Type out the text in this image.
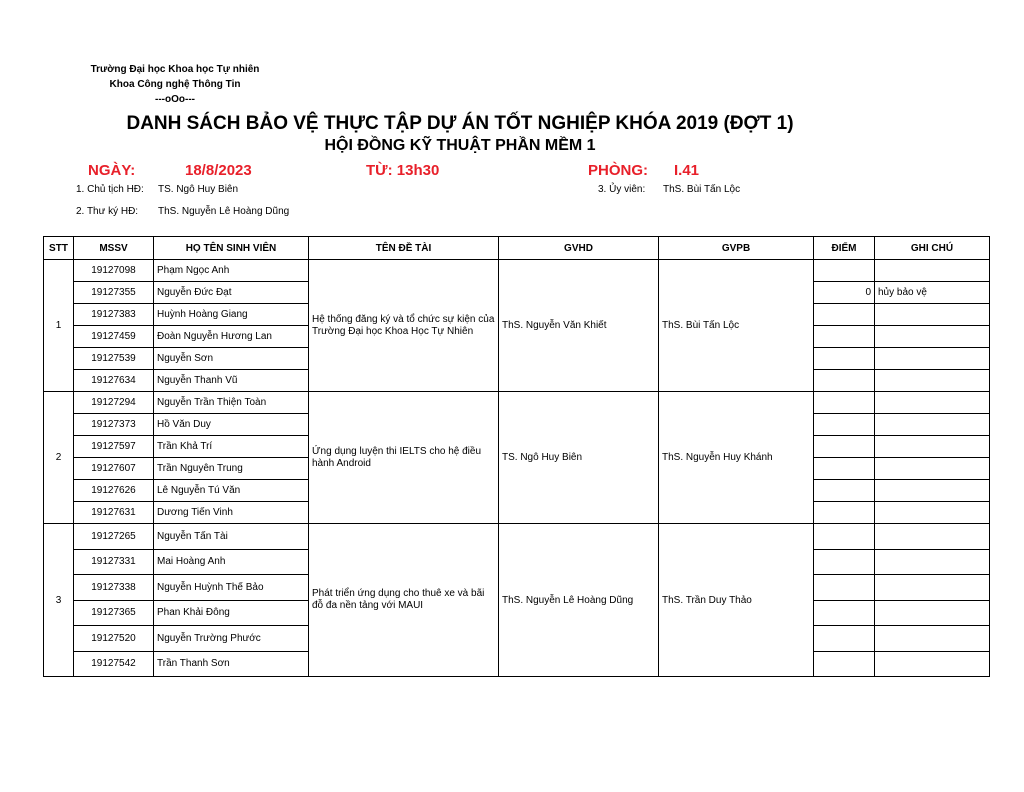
Trường Đại học Khoa học Tự nhiên
Khoa Công nghệ Thông Tin
---oOo---
DANH SÁCH BẢO VỆ THỰC TẬP DỰ ÁN TỐT NGHIỆP KHÓA 2019 (ĐỢT 1)
HỘI ĐỒNG KỸ THUẬT PHẦN MỀM 1
NGÀY:	18/8/2023	TỪ: 13h30	PHÒNG: I.41
1. Chủ tịch HĐ: TS. Ngô Huy Biên	3. Ủy viên: ThS. Bùi Tấn Lộc
2. Thư ký HĐ: ThS. Nguyễn Lê Hoàng Dũng
STT	MSSV	HỌ TÊN SINH VIÊN	TÊN ĐỀ TÀI	GVHD	GVPB	ĐIỂM	GHI CHÚ
1	19127098	Phạm Ngọc Anh	Hệ thống đăng ký và tổ chức sự kiện của Trường Đại học Khoa Học Tự Nhiên	ThS. Nguyễn Văn Khiết	ThS. Bùi Tấn Lộc		
	19127355	Nguyễn Đức Đạt				0	hủy bảo vệ
	19127383	Huỳnh Hoàng Giang					
	19127459	Đoàn Nguyễn Hương Lan					
	19127539	Nguyễn Sơn					
	19127634	Nguyễn Thanh Vũ					
2	19127294	Nguyễn Trần Thiện Toàn	Ứng dụng luyện thi IELTS cho hệ điều hành Android	TS. Ngô Huy Biên	ThS. Nguyễn Huy Khánh		
	19127373	Hồ Văn Duy					
	19127597	Trần Khả Trí					
	19127607	Trần Nguyên Trung					
	19127626	Lê Nguyễn Tú Văn					
	19127631	Dương Tiến Vinh					
3	19127265	Nguyễn Tấn Tài	Phát triển ứng dụng cho thuê xe và bãi đỗ đa nền tảng với MAUI	ThS. Nguyễn Lê Hoàng Dũng	ThS. Trần Duy Thảo		
	19127331	Mai Hoàng Anh					
	19127338	Nguyễn Huỳnh Thế Bảo					
	19127365	Phan Khải Đông					
	19127520	Nguyễn Trường Phước					
	19127542	Trần Thanh Sơn					
